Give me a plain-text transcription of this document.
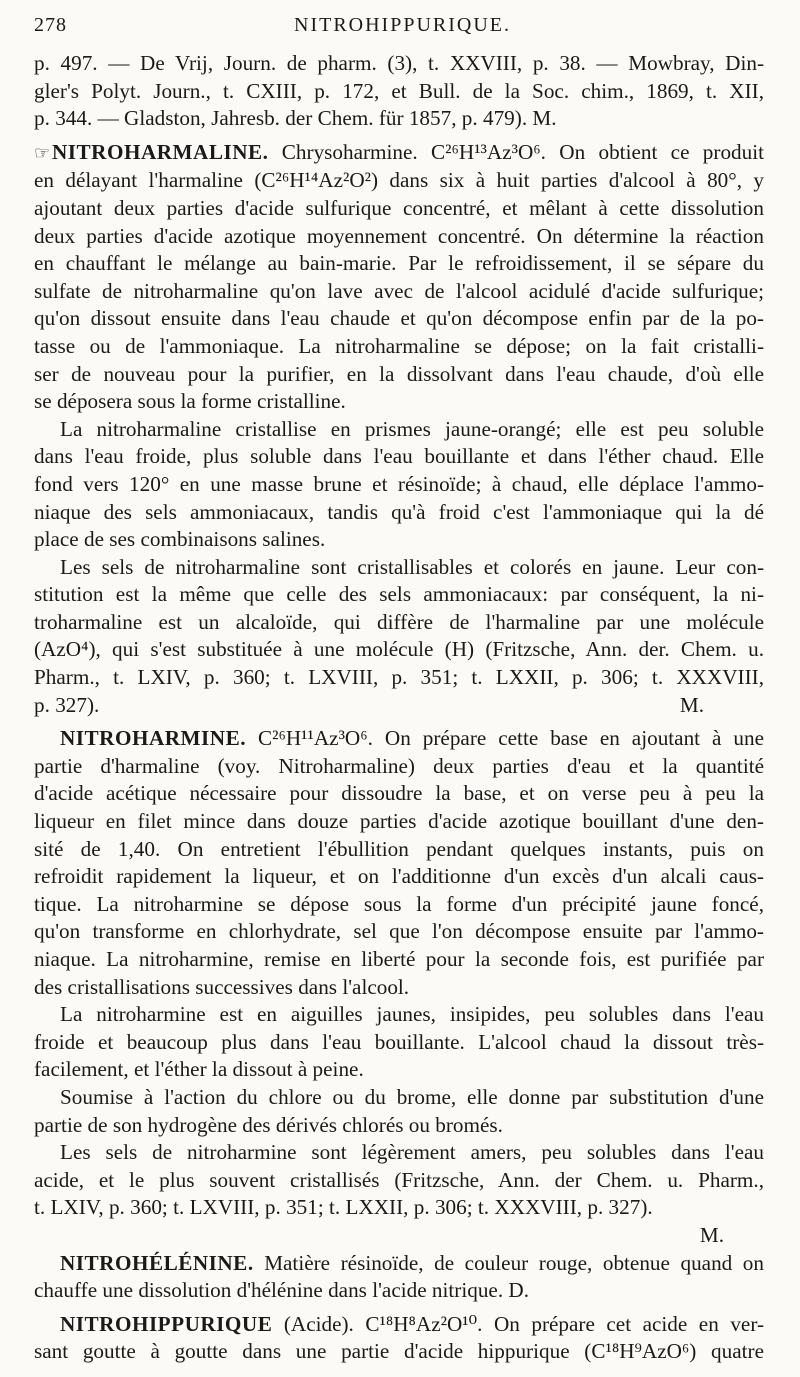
278	NITROHIPPURIQUE.
p. 497. — De Vrij, Journ. de pharm. (3), t. XXVIII, p. 38. — Mowbray, Din-
gler's Polyt. Journ., t. CXIII, p. 172, et Bull. de la Soc. chim., 1869, t. XII,
p. 344. — Gladston, Jahresb. der Chem. für 1857, p. 479). M.
☞NITROHARMALINE. Chrysoharmine. C²⁶H¹³Az³O⁶. On obtient ce produit
en délayant l'harmaline (C²⁶H¹⁴Az²O²) dans six à huit parties d'alcool à 80°, y
ajoutant deux parties d'acide sulfurique concentré, et mêlant à cette dissolution
deux parties d'acide azotique moyennement concentré. On détermine la réaction
en chauffant le mélange au bain-marie. Par le refroidissement, il se sépare du
sulfate de nitroharmaline qu'on lave avec de l'alcool acidulé d'acide sulfurique;
qu'on dissout ensuite dans l'eau chaude et qu'on décompose enfin par de la po-
tasse ou de l'ammoniaque. La nitroharmaline se dépose; on la fait cristalli-
ser de nouveau pour la purifier, en la dissolvant dans l'eau chaude, d'où elle
se déposera sous la forme cristalline.
La nitroharmaline cristallise en prismes jaune-orangé; elle est peu soluble
dans l'eau froide, plus soluble dans l'eau bouillante et dans l'éther chaud. Elle
fond vers 120° en une masse brune et résinoïde; à chaud, elle déplace l'ammo-
niaque des sels ammoniacaux, tandis qu'à froid c'est l'ammoniaque qui la dé
place de ses combinaisons salines.
Les sels de nitroharmaline sont cristallisables et colorés en jaune. Leur con-
stitution est la même que celle des sels ammoniacaux: par conséquent, la ni-
troharmaline est un alcaloïde, qui diffère de l'harmaline par une molécule
(AzO⁴), qui s'est substituée à une molécule (H) (Fritzsche, Ann. der. Chem. u.
Pharm., t. LXIV, p. 360; t. LXVIII, p. 351; t. LXXII, p. 306; t. XXXVIII,
p. 327).	M.
NITROHARMINE. C²⁶H¹¹Az³O⁶. On prépare cette base en ajoutant à une
partie d'harmaline (voy. Nitroharmaline) deux parties d'eau et la quantité
d'acide acétique nécessaire pour dissoudre la base, et on verse peu à peu la
liqueur en filet mince dans douze parties d'acide azotique bouillant d'une den-
sité de 1,40. On entretient l'ébullition pendant quelques instants, puis on
refroidit rapidement la liqueur, et on l'additionne d'un excès d'un alcali caus-
tique. La nitroharmine se dépose sous la forme d'un précipité jaune foncé,
qu'on transforme en chlorhydrate, sel que l'on décompose ensuite par l'ammo-
niaque. La nitroharmine, remise en liberté pour la seconde fois, est purifiée par
des cristallisations successives dans l'alcool.
La nitroharmine est en aiguilles jaunes, insipides, peu solubles dans l'eau
froide et beaucoup plus dans l'eau bouillante. L'alcool chaud la dissout très-
facilement, et l'éther la dissout à peine.
Soumise à l'action du chlore ou du brome, elle donne par substitution d'une
partie de son hydrogène des dérivés chlorés ou bromés.
Les sels de nitroharmine sont légèrement amers, peu solubles dans l'eau
acide, et le plus souvent cristallisés (Fritzsche, Ann. der Chem. u. Pharm.,
t. LXIV, p. 360; t. LXVIII, p. 351; t. LXXII, p. 306; t. XXXVIII, p. 327).
M.
NITROHÉLÉNINE. Matière résinoïde, de couleur rouge, obtenue quand on
chauffe une dissolution d'hélénine dans l'acide nitrique. D.
NITROHIPPURIQUE (Acide). C¹⁸H⁸Az²O¹⁰. On prépare cet acide en ver-
sant goutte à goutte dans une partie d'acide hippurique (C¹⁸H⁹AzO⁶) quatre
